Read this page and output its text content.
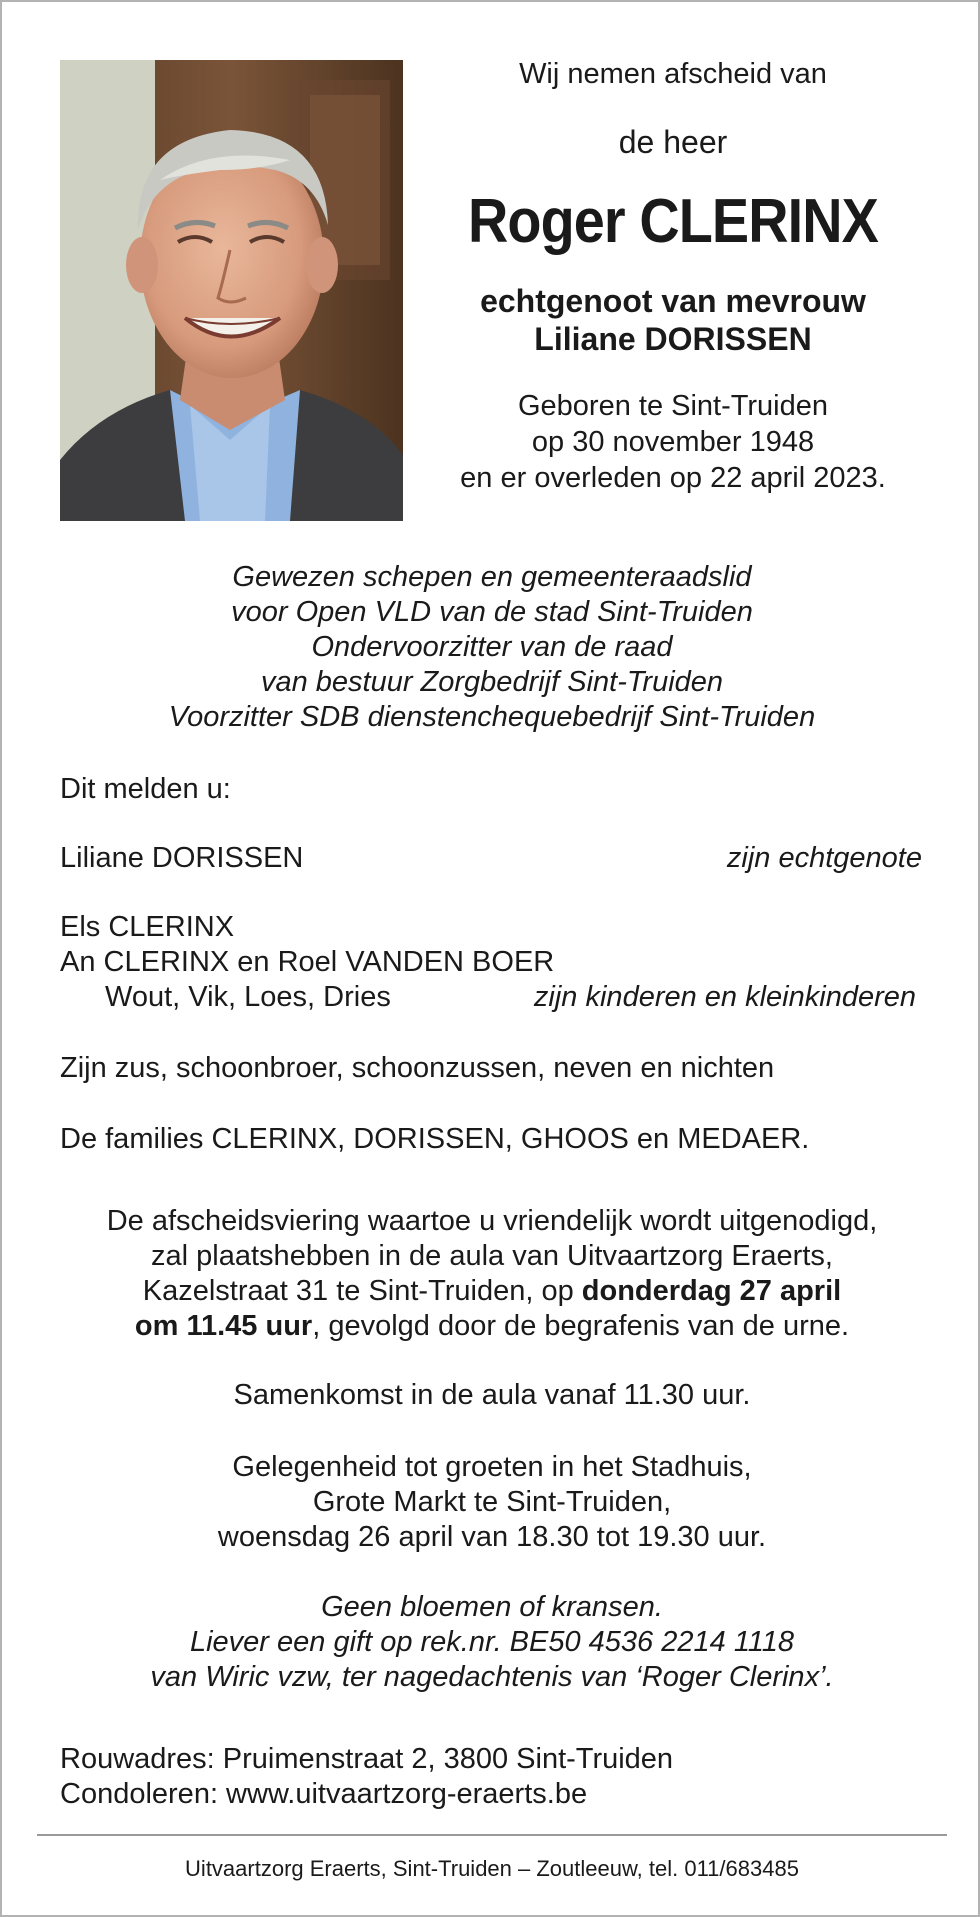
Wij nemen afscheid van
de heer
Roger CLERINX
echtgenoot van mevrouw
Liliane DORISSEN
Geboren te Sint-Truiden
op 30 november 1948
en er overleden op 22 april 2023.
Gewezen schepen en gemeenteraadslid
voor Open VLD van de stad Sint-Truiden
Ondervoorzitter van de raad
van bestuur Zorgbedrijf Sint-Truiden
Voorzitter SDB dienstenchequebedrijf Sint-Truiden
Dit melden u:
Liliane DORISSEN	zijn echtgenote
Els CLERINX
An CLERINX en Roel VANDEN BOER
Wout, Vik, Loes, Dries	zijn kinderen en kleinkinderen
Zijn zus, schoonbroer, schoonzussen, neven en nichten
De families CLERINX, DORISSEN, GHOOS en MEDAER.
De afscheidsviering waartoe u vriendelijk wordt uitgenodigd,
zal plaatshebben in de aula van Uitvaartzorg Eraerts,
Kazelstraat 31 te Sint-Truiden, op donderdag 27 april
om 11.45 uur, gevolgd door de begrafenis van de urne.
Samenkomst in de aula vanaf 11.30 uur.
Gelegenheid tot groeten in het Stadhuis,
Grote Markt te Sint-Truiden,
woensdag 26 april van 18.30 tot 19.30 uur.
Geen bloemen of kransen.
Liever een gift op rek.nr. BE50 4536 2214 1118
van Wiric vzw, ter nagedachtenis van ‘Roger Clerinx’.
Rouwadres: Pruimenstraat 2, 3800 Sint-Truiden
Condoleren: www.uitvaartzorg-eraerts.be
Uitvaartzorg Eraerts, Sint-Truiden – Zoutleeuw, tel. 011/683485
